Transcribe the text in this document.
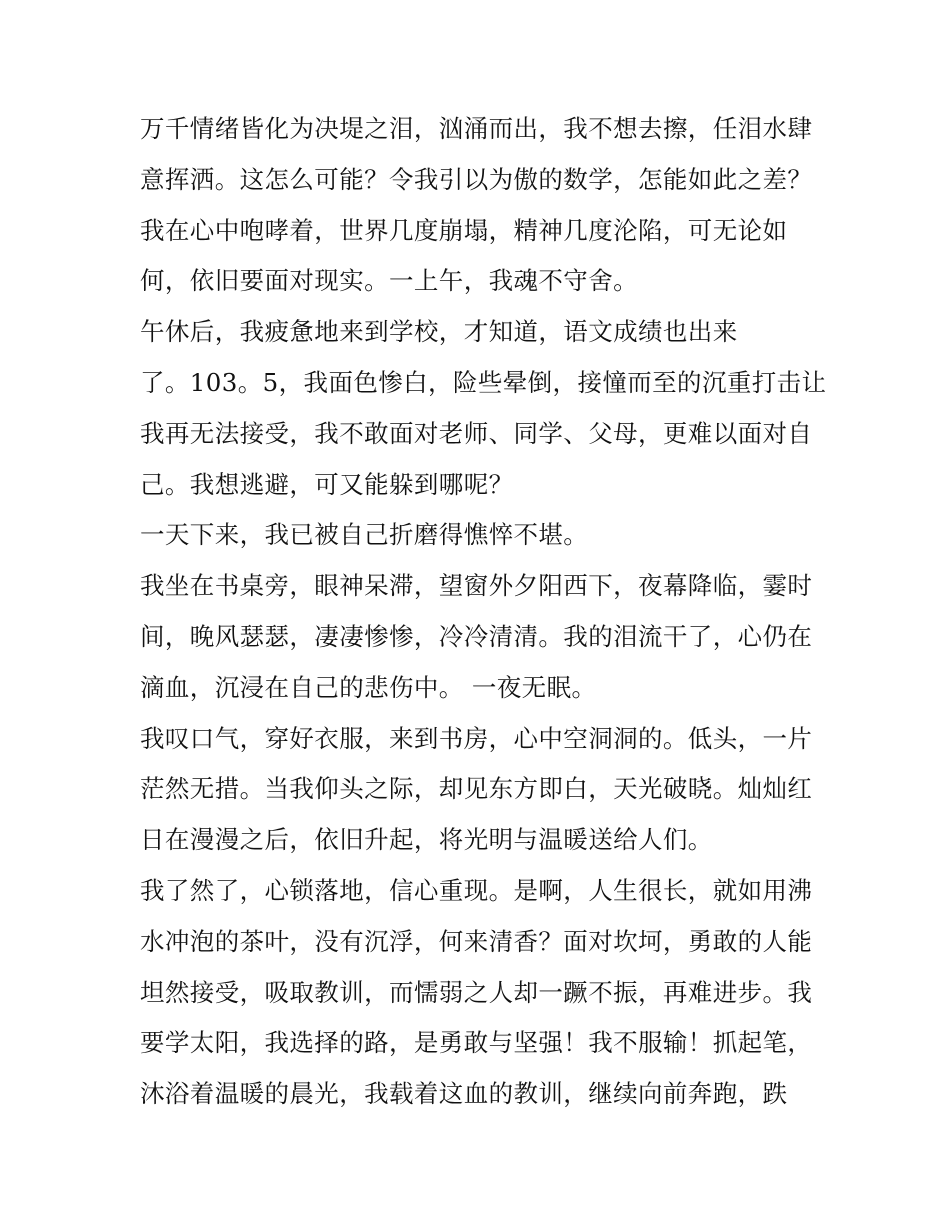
万千情绪皆化为决堤之泪，汹涌而出，我不想去擦，任泪水肆
意挥洒。这怎么可能？令我引以为傲的数学，怎能如此之差？
我在心中咆哮着，世界几度崩塌，精神几度沦陷，可无论如
何，依旧要面对现实。一上午，我魂不守舍。
午休后，我疲惫地来到学校，才知道，语文成绩也出来
了。103。5，我面色惨白，险些晕倒，接憧而至的沉重打击让
我再无法接受，我不敢面对老师、同学、父母，更难以面对自
己。我想逃避，可又能躲到哪呢？
一天下来，我已被自己折磨得憔悴不堪。
我坐在书桌旁，眼神呆滞，望窗外夕阳西下，夜幕降临，霎时
间，晚风瑟瑟，凄凄惨惨，冷冷清清。我的泪流干了，心仍在
滴血，沉浸在自己的悲伤中。 一夜无眠。
我叹口气，穿好衣服，来到书房，心中空洞洞的。低头，一片
茫然无措。当我仰头之际，却见东方即白，天光破晓。灿灿红
日在漫漫之后，依旧升起，将光明与温暖送给人们。
我了然了，心锁落地，信心重现。是啊，人生很长，就如用沸
水冲泡的茶叶，没有沉浮，何来清香？面对坎坷，勇敢的人能
坦然接受，吸取教训，而懦弱之人却一蹶不振，再难进步。我
要学太阳，我选择的路，是勇敢与坚强！我不服输！抓起笔，
沐浴着温暖的晨光，我载着这血的教训，继续向前奔跑，跌
